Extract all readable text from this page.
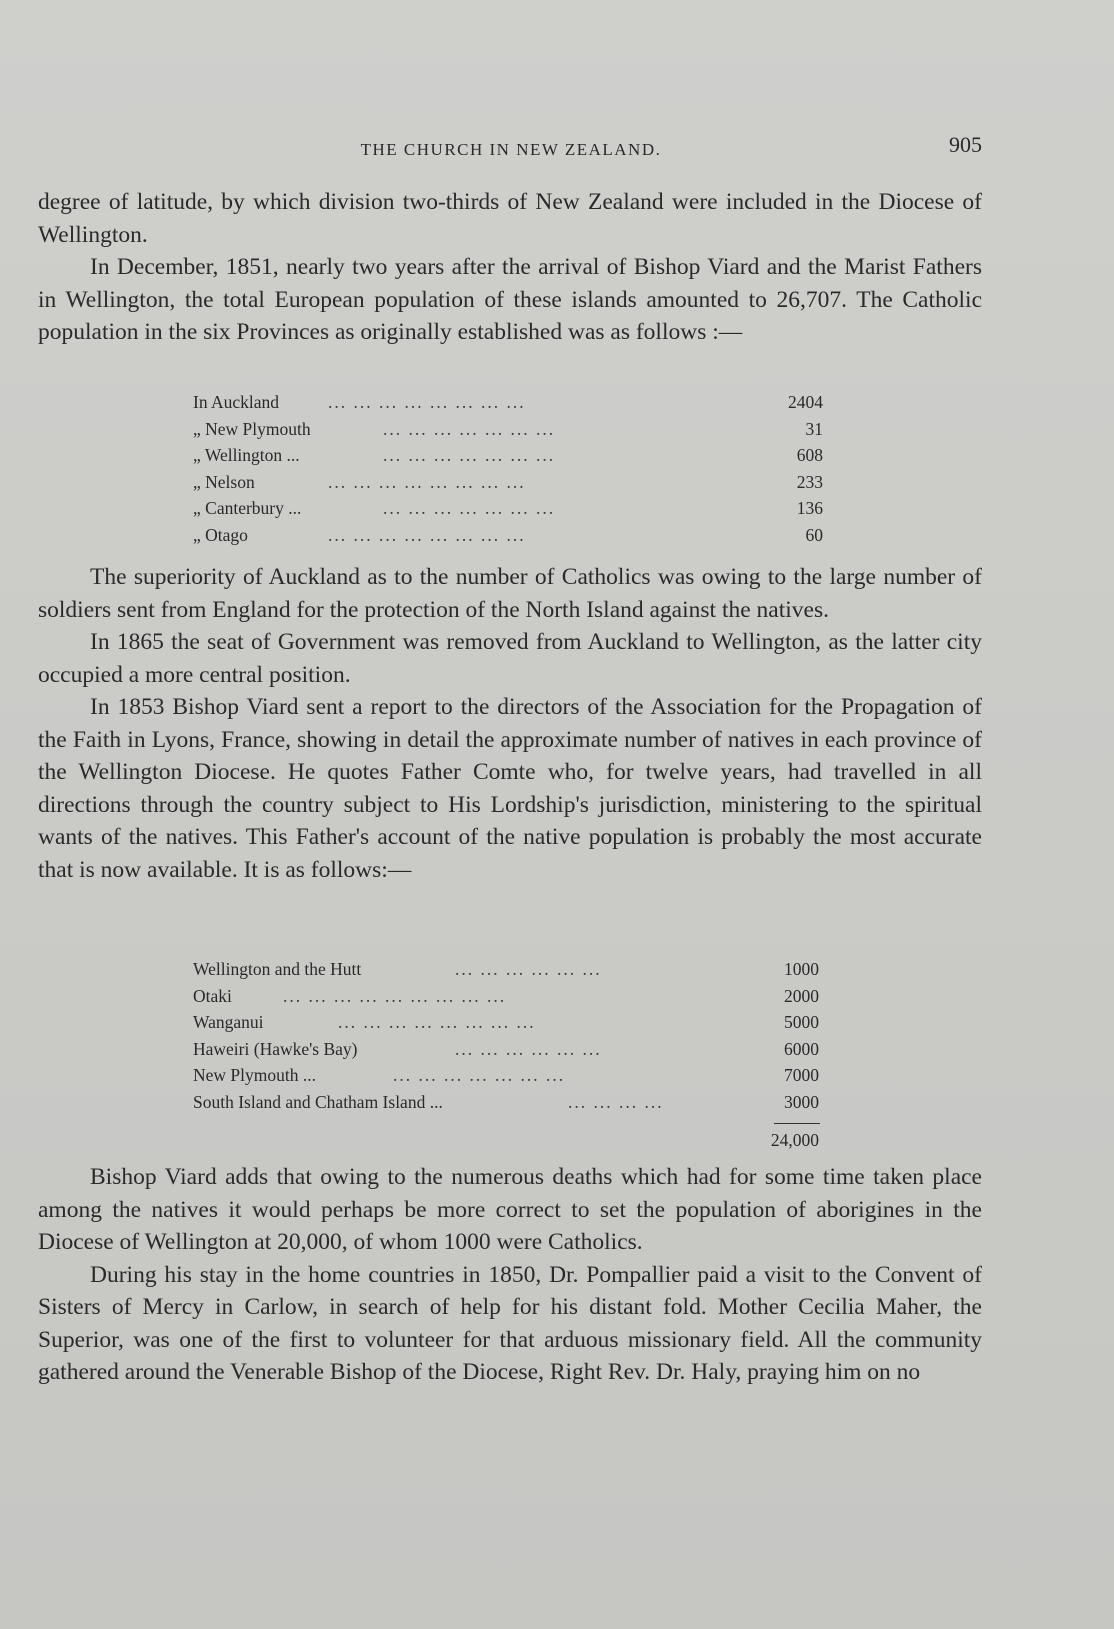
THE CHURCH IN NEW ZEALAND.	905

degree of latitude, by which division two-thirds of New Zealand were included in the Diocese of Wellington.

In December, 1851, nearly two years after the arrival of Bishop Viard and the Marist Fathers in Wellington, the total European population of these islands amounted to 26,707. The Catholic population in the six Provinces as originally established was as follows :—

In Auckland	... ... ... ... ... ... ... ...	2404
„ New Plymouth	... ... ... ... ... ... ...	31
„ Wellington ...	... ... ... ... ... ... ...	608
„ Nelson	... ... ... ... ... ... ... ...	233
„ Canterbury ...	... ... ... ... ... ... ...	136
„ Otago	... ... ... ... ... ... ... ...	60

The superiority of Auckland as to the number of Catholics was owing to the large number of soldiers sent from England for the protection of the North Island against the natives.

In 1865 the seat of Government was removed from Auckland to Wellington, as the latter city occupied a more central position.

In 1853 Bishop Viard sent a report to the directors of the Association for the Propagation of the Faith in Lyons, France, showing in detail the approximate number of natives in each province of the Wellington Diocese. He quotes Father Comte who, for twelve years, had travelled in all directions through the country subject to His Lordship's jurisdiction, ministering to the spiritual wants of the natives. This Father's account of the native population is probably the most accurate that is now available. It is as follows:—

Wellington and the Hutt	... ... ... ... ... ...	1000
Otaki	... ... ... ... ... ... ... ... ...	2000
Wanganui	... ... ... ... ... ... ... ...	5000
Haweiri (Hawke's Bay)	... ... ... ... ... ...	6000
New Plymouth ...	... ... ... ... ... ... ...	7000
South Island and Chatham Island ...	... ... ... ...	3000
24,000

Bishop Viard adds that owing to the numerous deaths which had for some time taken place among the natives it would perhaps be more correct to set the population of aborigines in the Diocese of Wellington at 20,000, of whom 1000 were Catholics.

During his stay in the home countries in 1850, Dr. Pompallier paid a visit to the Convent of Sisters of Mercy in Carlow, in search of help for his distant fold. Mother Cecilia Maher, the Superior, was one of the first to volunteer for that arduous missionary field. All the community gathered around the Venerable Bishop of the Diocese, Right Rev. Dr. Haly, praying him on no
